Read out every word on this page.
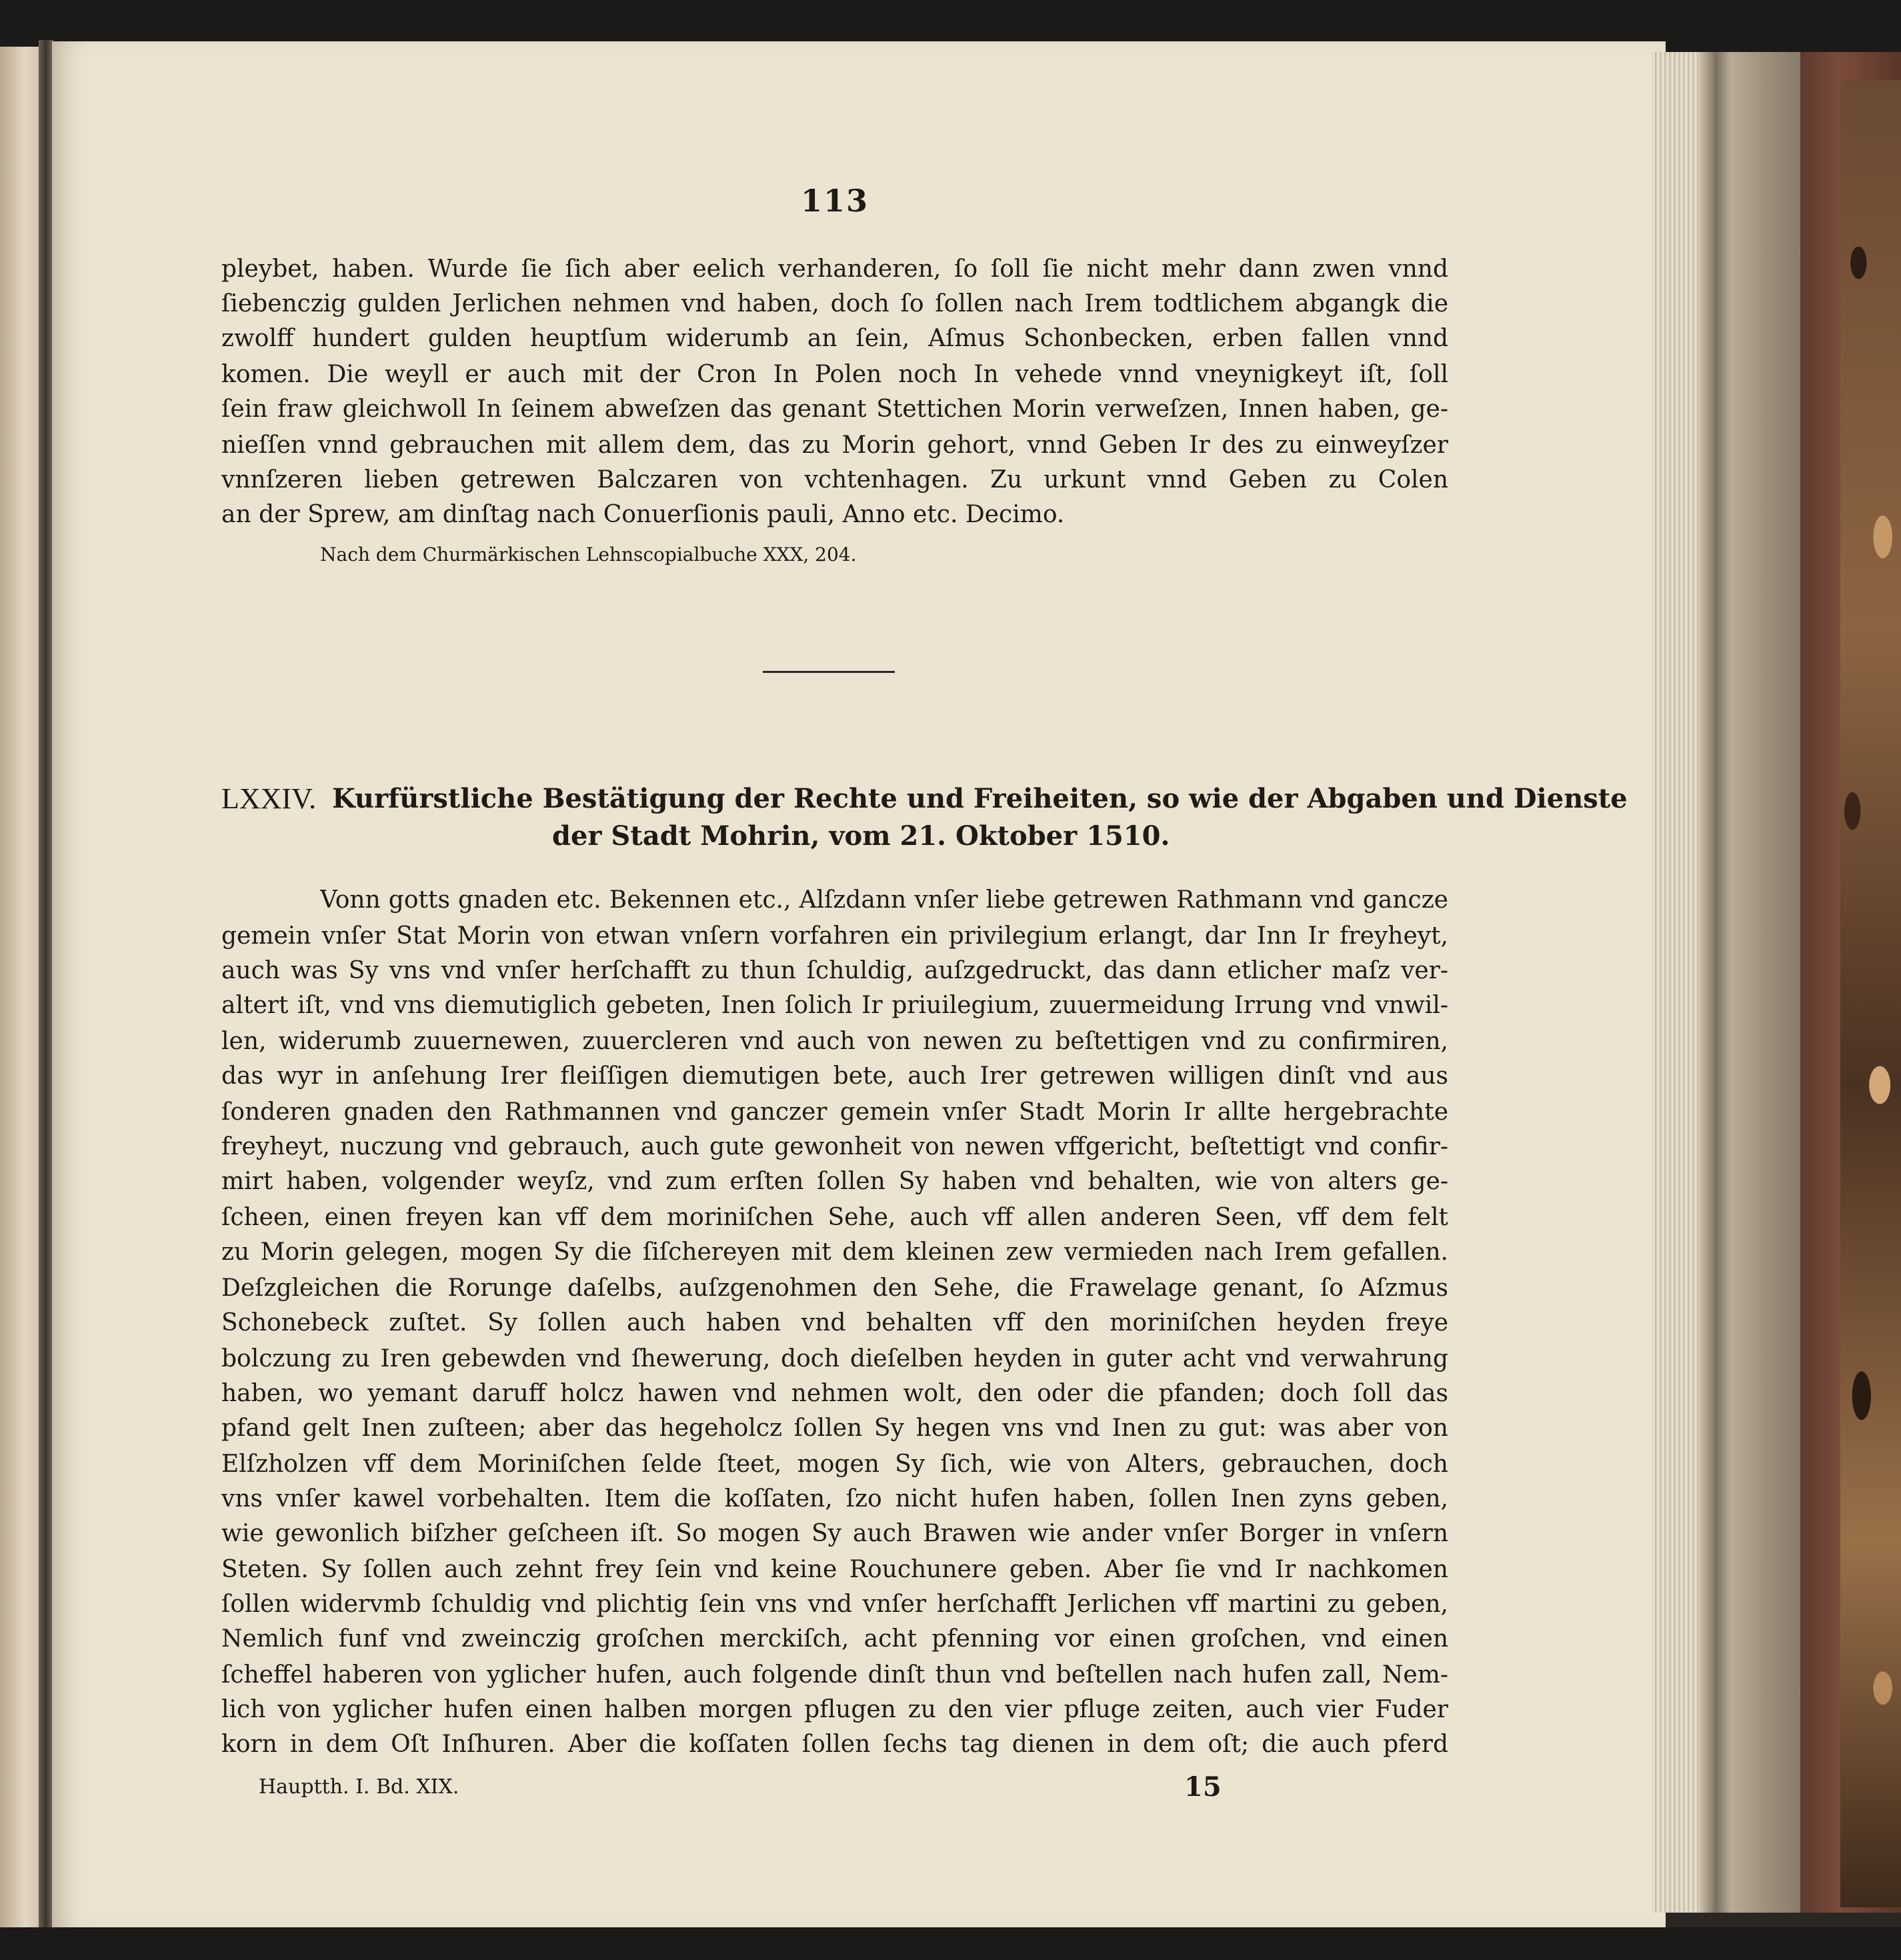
113
pleybet, haben. Wurde ſie ſich aber eelich verhanderen, ſo ſoll ſie nicht mehr dann zwen vnnd
ſiebenczig gulden Jerlichen nehmen vnd haben, doch ſo ſollen nach Irem todtlichem abgangk die
zwolff hundert gulden heuptſum widerumb an ſein, Aſmus Schonbecken, erben fallen vnnd
komen. Die weyll er auch mit der Cron In Polen noch In vehede vnnd vneynigkeyt iſt, ſoll
ſein fraw gleichwoll In ſeinem abweſzen das genant Stettichen Morin verweſzen, Innen haben, ge-
nieſſen vnnd gebrauchen mit allem dem, das zu Morin gehort, vnnd Geben Ir des zu einweyſzer
vnnſzeren lieben getrewen Balczaren von vchtenhagen. Zu urkunt vnnd Geben zu Colen
an der Sprew, am dinſtag nach Conuerſionis pauli, Anno etc. Decimo.
Nach dem Churmärkischen Lehnscopialbuche XXX, 204.
LXXIV. Kurfürstliche Bestätigung der Rechte und Freiheiten, so wie der Abgaben und Dienste
der Stadt Mohrin, vom 21. Oktober 1510.
Vonn gotts gnaden etc. Bekennen etc., Alſzdann vnſer liebe getrewen Rathmann vnd gancze
gemein vnſer Stat Morin von etwan vnſern vorfahren ein privilegium erlangt, dar Inn Ir freyheyt,
auch was Sy vns vnd vnſer herſchafft zu thun ſchuldig, auſzgedruckt, das dann etlicher maſz ver-
altert iſt, vnd vns diemutiglich gebeten, Inen ſolich Ir priuilegium, zuuermeidung Irrung vnd vnwil-
len, widerumb zuuernewen, zuuercleren vnd auch von newen zu beſtettigen vnd zu confirmiren,
das wyr in anſehung Irer fleiſſigen diemutigen bete, auch Irer getrewen willigen dinſt vnd aus
ſonderen gnaden den Rathmannen vnd ganczer gemein vnſer Stadt Morin Ir allte hergebrachte
freyheyt, nuczung vnd gebrauch, auch gute gewonheit von newen vffgericht, beſtettigt vnd confir-
mirt haben, volgender weyſz, vnd zum erſten ſollen Sy haben vnd behalten, wie von alters ge-
ſcheen, einen freyen kan vff dem moriniſchen Sehe, auch vff allen anderen Seen, vff dem felt
zu Morin gelegen, mogen Sy die ſiſchereyen mit dem kleinen zew vermieden nach Irem gefallen.
Deſzgleichen die Rorunge daſelbs, auſzgenohmen den Sehe, die Frawelage genant, ſo Aſzmus
Schonebeck zuſtet. Sy ſollen auch haben vnd behalten vff den moriniſchen heyden freye
bolczung zu Iren gebewden vnd ſhewerung, doch dieſelben heyden in guter acht vnd verwahrung
haben, wo yemant daruff holcz hawen vnd nehmen wolt, den oder die pfanden; doch ſoll das
pfand gelt Inen zuſteen; aber das hegeholcz ſollen Sy hegen vns vnd Inen zu gut: was aber von
Elſzholzen vff dem Moriniſchen ſelde ſteet, mogen Sy ſich, wie von Alters, gebrauchen, doch
vns vnſer kawel vorbehalten. Item die koſſaten, ſzo nicht hufen haben, ſollen Inen zyns geben,
wie gewonlich biſzher geſcheen iſt. So mogen Sy auch Brawen wie ander vnſer Borger in vnſern
Steten. Sy ſollen auch zehnt frey ſein vnd keine Rouchunere geben. Aber ſie vnd Ir nachkomen
ſollen widervmb ſchuldig vnd plichtig ſein vns vnd vnſer herſchafft Jerlichen vff martini zu geben,
Nemlich funf vnd zweinczig groſchen merckiſch, acht pfenning vor einen groſchen, vnd einen
ſcheffel haberen von yglicher hufen, auch folgende dinſt thun vnd beſtellen nach hufen zall, Nem-
lich von yglicher hufen einen halben morgen pflugen zu den vier pfluge zeiten, auch vier Fuder
korn in dem Oſt Inſhuren. Aber die koſſaten ſollen ſechs tag dienen in dem oſt; die auch pferd
Hauptth. I. Bd. XIX.	15
